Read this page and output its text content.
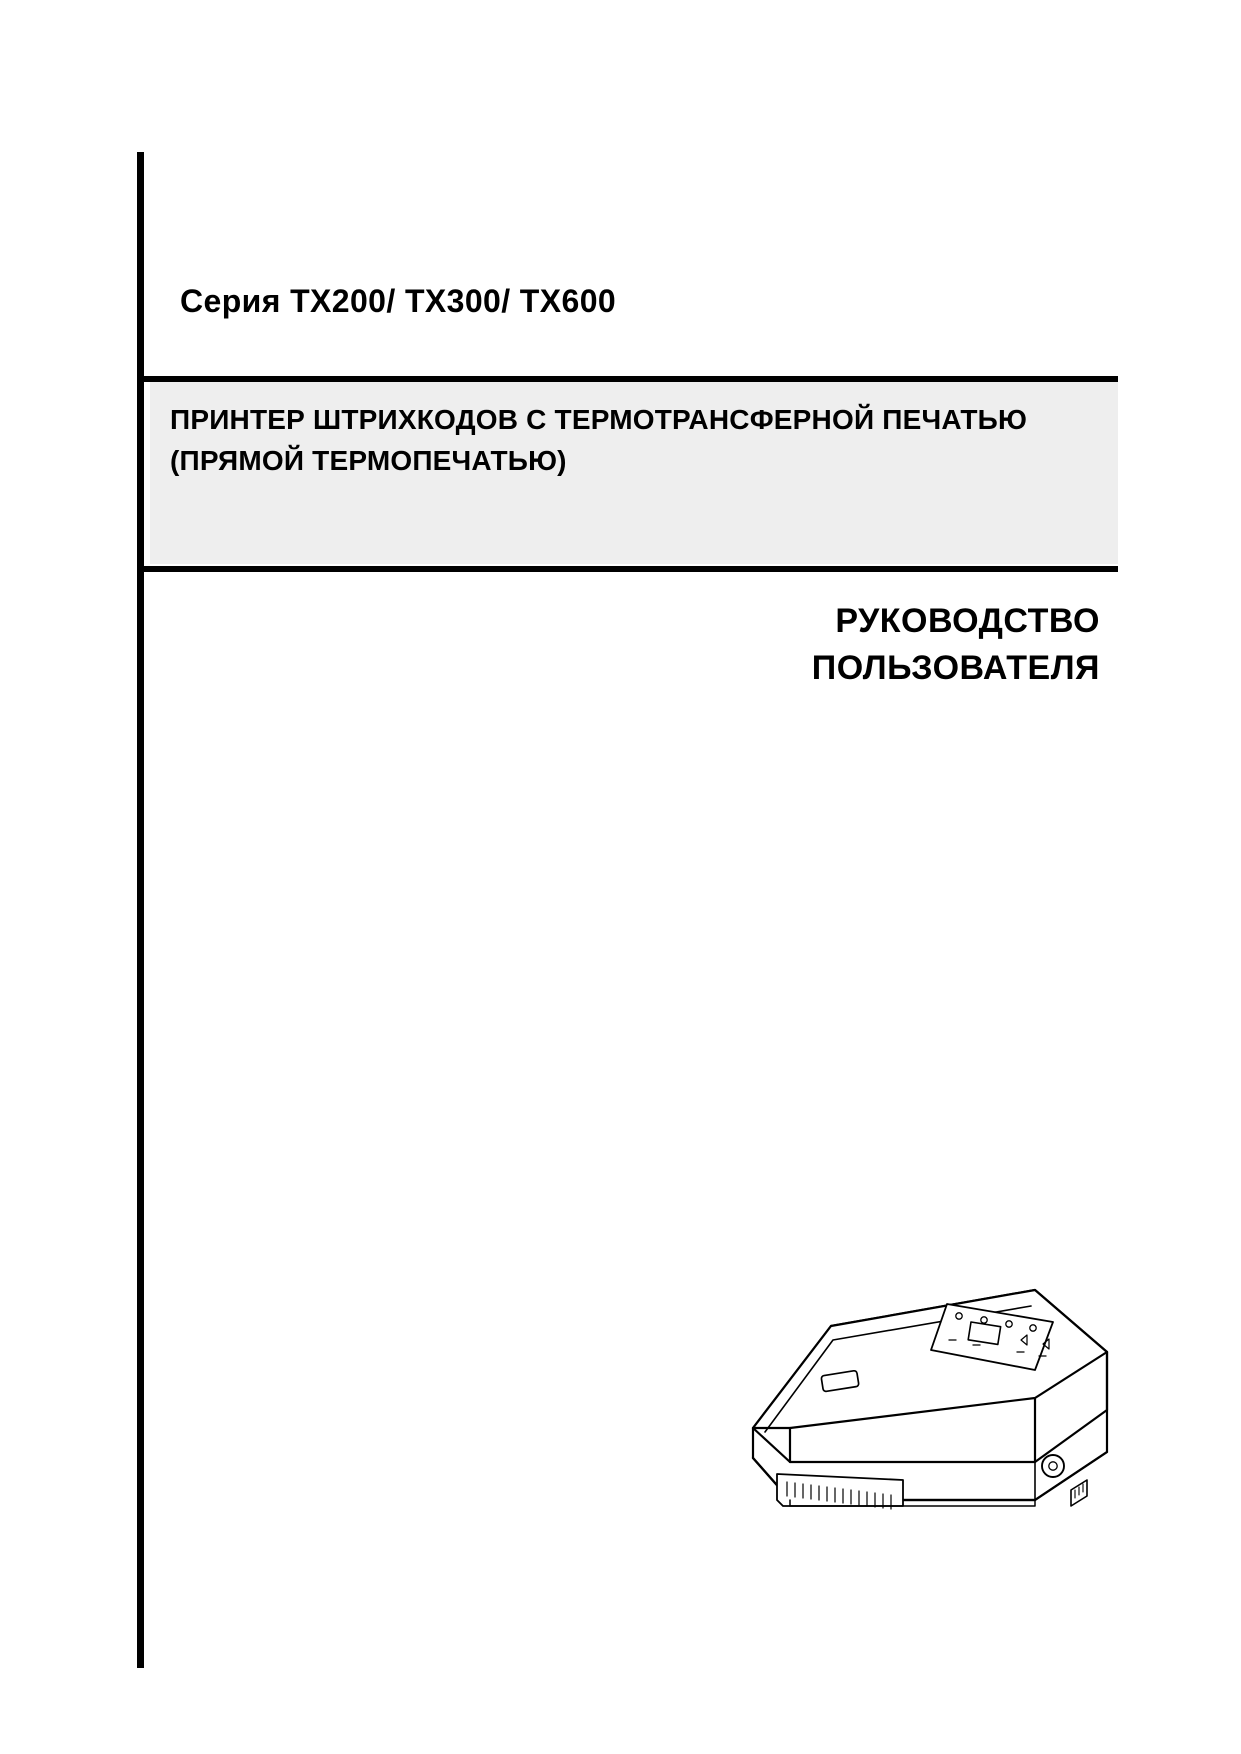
Серия TX200/ TX300/ TX600
ПРИНТЕР ШТРИХКОДОВ С ТЕРМОТРАНСФЕРНОЙ ПЕЧАТЬЮ (ПРЯМОЙ ТЕРМОПЕЧАТЬЮ)
РУКОВОДСТВО
ПОЛЬЗОВАТЕЛЯ
